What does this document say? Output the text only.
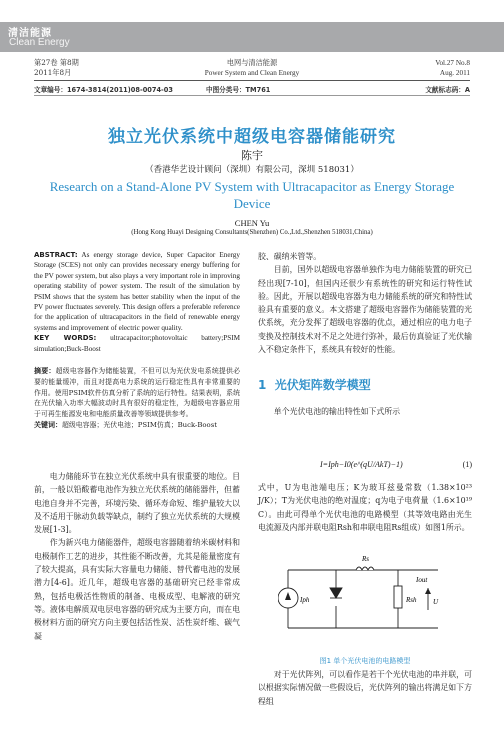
清洁能源
Clean Energy
第27卷 第8期
2011年8月
电网与清洁能源
Power System and Clean Energy
Vol.27 No.8
Aug. 2011
文章编号：1674-3814(2011)08-0074-03	中图分类号：TM761	文献标志码：A
独立光伏系统中超级电容器储能研究
陈宇
（香港华艺设计顾问（深圳）有限公司，深圳 518031）
Research on a Stand-Alone PV System with Ultracapacitor as Energy Storage Device
CHEN Yu
(Hong Kong Huayi Designing Consultants(Shenzhen) Co.,Ltd.,Shenzhen 518031,China)

ABSTRACT: As energy storage device, Super Capacitor Energy Storage (SCES) not only can provides necessary energy buffering for the PV power system, but also plays a very important role in improving operating stability of power system. The result of the simulation by PSIM shows that the system has better stability when the input of the PV power fluctuates severely. This design offers a preferable reference for the application of ultracapacitors in the field of renewable energy systems and improvement of electric power quality.

KEY WORDS: ultracapacitor;photovoltaic battery;PSIM simulation;Buck-Boost

摘要：超级电容器作为储能装置，不但可以为光伏发电系统提供必要的能量缓冲，而且对提高电力系统的运行稳定性具有非常重要的作用。使用PSIM软件仿真分析了系统的运行特性。结果表明，系统在光伏输入功率大幅波动时具有很好的稳定性，为超级电容器应用于可再生能源发电和电能质量改善等领域提供参考。

关键词：超级电容器；光伏电池；PSIM仿真；Buck-Boost

电力储能环节在独立光伏系统中具有很重要的地位。目前，一般以铅酸蓄电池作为独立光伏系统的储能器件，但蓄电池自身并不完善，环境污染、循环寿命短、维护量较大以及不适用于脉动负载等缺点，制约了独立光伏系统的大规模发展[1-3]。

作为新兴电力储能器件，超级电容器随着纳米碳材料和电极制作工艺的进步，其性能不断改善，尤其是能量密度有了较大提高，具有实际大容量电力储能、替代蓄电池的发展潜力[4-6]。近几年，超级电容器的基础研究已经非常成熟，包括电极活性物质的制备、电极成型、电解液的研究等。液体电解质双电层电容器的研究成为主要方向，而在电极材料方面的研究方向主要包括活性炭、活性炭纤维、碳气凝

胶、碳纳米管等。

目前，国外以超级电容器单独作为电力储能装置的研究已经出现[7-10]，但国内还很少有系统性的研究和运行特性试验。因此，开展以超级电容器为电力储能系统的研究和特性试验具有重要的意义。本文搭建了超级电容器作为储能装置的光伏系统，充分发挥了超级电容器的优点，通过相应的电力电子变换及控制技术对不足之处进行弥补，最后仿真验证了光伏输入不稳定条件下，系统具有较好的性能。

1 光伏矩阵数学模型

单个光伏电池的输出特性如下式所示

I=Iph−I0(e^(qU/AkT)−1)	(1)

式中，U为电池端电压；K为玻耳兹曼常数（1.38×10²³ J/K）；T为光伏电池的绝对温度；q为电子电荷量（1.6×10¹⁹ C）。由此可得单个光伏电池的电路模型（其等效电路由光生电流源及内部并联电阻Rsh和串联电阻Rs组成）如图1所示。

Rs
Iph	Rsh
Iout
U
图1 单个光伏电池的电路模型

对于光伏阵列，可以看作是若干个光伏电池的串并联，可以根据实际情况做一些假设后，光伏阵列的输出将满足如下方程组
